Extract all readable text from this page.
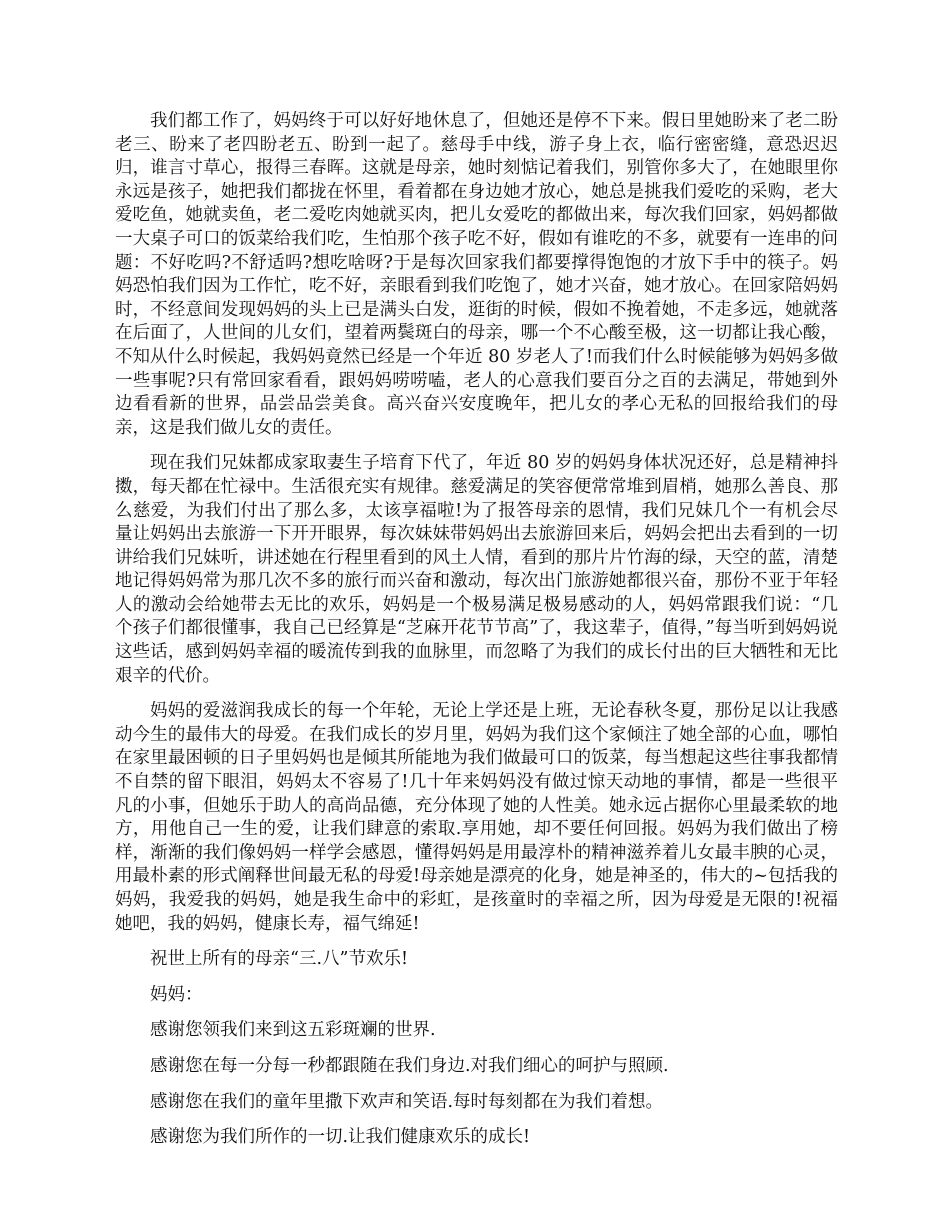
我们都工作了，妈妈终于可以好好地休息了，但她还是停不下来。假日里她盼来了老二盼老三、盼来了老四盼老五、盼到一起了。慈母手中线，游子身上衣，临行密密缝，意恐迟迟归，谁言寸草心，报得三春晖。这就是母亲，她时刻惦记着我们，别管你多大了，在她眼里你永远是孩子，她把我们都拢在怀里，看着都在身边她才放心，她总是挑我们爱吃的采购，老大爱吃鱼，她就卖鱼，老二爱吃肉她就买肉，把儿女爱吃的都做出来，每次我们回家，妈妈都做一大桌子可口的饭菜给我们吃，生怕那个孩子吃不好，假如有谁吃的不多，就要有一连串的问题：不好吃吗?不舒适吗?想吃啥呀?于是每次回家我们都要撑得饱饱的才放下手中的筷子。妈妈恐怕我们因为工作忙，吃不好，亲眼看到我们吃饱了，她才兴奋，她才放心。在回家陪妈妈时，不经意间发现妈妈的头上已是满头白发，逛街的时候，假如不挽着她，不走多远，她就落在后面了，人世间的儿女们，望着两鬓斑白的母亲，哪一个不心酸至极，这一切都让我心酸，不知从什么时候起，我妈妈竟然已经是一个年近 80 岁老人了!而我们什么时候能够为妈妈多做一些事呢?只有常回家看看，跟妈妈唠唠嗑，老人的心意我们要百分之百的去满足，带她到外边看看新的世界，品尝品尝美食。高兴奋兴安度晚年，把儿女的孝心无私的回报给我们的母亲，这是我们做儿女的责任。

现在我们兄妹都成家取妻生子培育下代了，年近 80 岁的妈妈身体状况还好，总是精神抖擞，每天都在忙禄中。生活很充实有规律。慈爱满足的笑容便常常堆到眉梢，她那么善良、那么慈爱，为我们付出了那么多，太该享福啦!为了报答母亲的恩情，我们兄妹几个一有机会尽量让妈妈出去旅游一下开开眼界，每次妹妹带妈妈出去旅游回来后，妈妈会把出去看到的一切讲给我们兄妹听，讲述她在行程里看到的风土人情，看到的那片片竹海的绿，天空的蓝，清楚地记得妈妈常为那几次不多的旅行而兴奋和激动，每次出门旅游她都很兴奋，那份不亚于年轻人的激动会给她带去无比的欢乐，妈妈是一个极易满足极易感动的人，妈妈常跟我们说：“几个孩子们都很懂事，我自己已经算是“芝麻开花节节高”了，我这辈子，值得，”每当听到妈妈说这些话，感到妈妈幸福的暖流传到我的血脉里，而忽略了为我们的成长付出的巨大牺牲和无比艰辛的代价。

妈妈的爱滋润我成长的每一个年轮，无论上学还是上班，无论春秋冬夏，那份足以让我感动今生的最伟大的母爱。在我们成长的岁月里，妈妈为我们这个家倾注了她全部的心血，哪怕在家里最困顿的日子里妈妈也是倾其所能地为我们做最可口的饭菜，每当想起这些往事我都情不自禁的留下眼泪，妈妈太不容易了!几十年来妈妈没有做过惊天动地的事情，都是一些很平凡的小事，但她乐于助人的高尚品德，充分体现了她的人性美。她永远占据你心里最柔软的地方，用他自己一生的爱，让我们肆意的索取.享用她，却不要任何回报。妈妈为我们做出了榜样，渐渐的我们像妈妈一样学会感恩，懂得妈妈是用最淳朴的精神滋养着儿女最丰腴的心灵，用最朴素的形式阐释世间最无私的母爱!母亲她是漂亮的化身，她是神圣的，伟大的~包括我的妈妈，我爱我的妈妈，她是我生命中的彩虹，是孩童时的幸福之所，因为母爱是无限的!祝福她吧，我的妈妈，健康长寿，福气绵延!

祝世上所有的母亲“三.八”节欢乐!

妈妈：

感谢您领我们来到这五彩斑斓的世界.

感谢您在每一分每一秒都跟随在我们身边.对我们细心的呵护与照顾.

感谢您在我们的童年里撒下欢声和笑语.每时每刻都在为我们着想。

感谢您为我们所作的一切.让我们健康欢乐的成长!
